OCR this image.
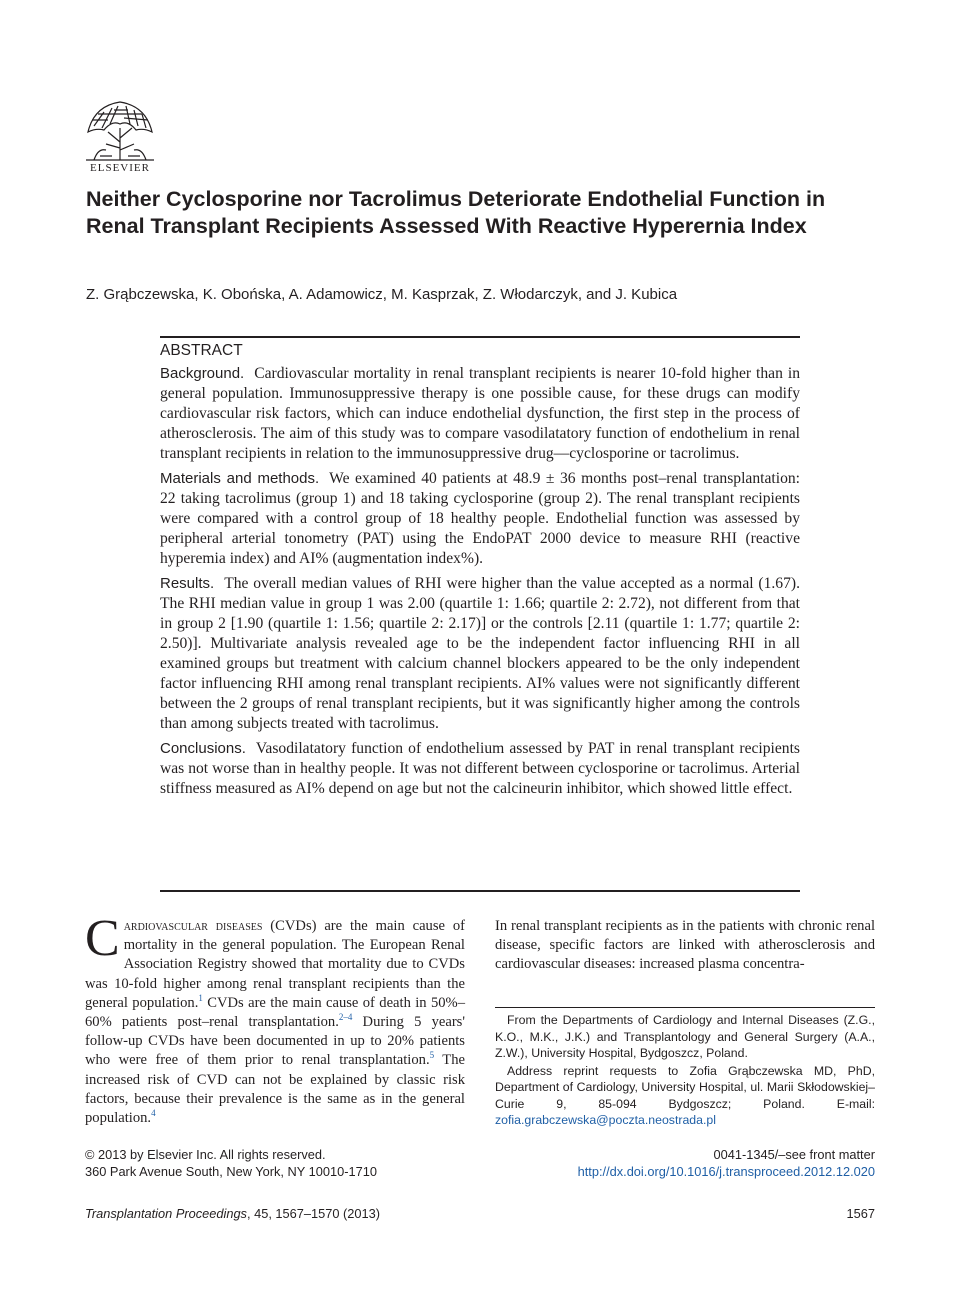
ELSEVIER
Neither Cyclosporine nor Tacrolimus Deteriorate Endothelial Function in Renal Transplant Recipients Assessed With Reactive Hyperernia Index
Z. Grąbczewska, K. Obońska, A. Adamowicz, M. Kasprzak, Z. Włodarczyk, and J. Kubica
ABSTRACT

Background. Cardiovascular mortality in renal transplant recipients is nearer 10-fold higher than in general population. Immunosuppressive therapy is one possible cause, for these drugs can modify cardiovascular risk factors, which can induce endothelial dysfunction, the first step in the process of atherosclerosis. The aim of this study was to compare vasodilatatory function of endothelium in renal transplant recipients in relation to the immunosuppressive drug—cyclosporine or tacrolimus.

Materials and methods. We examined 40 patients at 48.9 ± 36 months post–renal transplantation: 22 taking tacrolimus (group 1) and 18 taking cyclosporine (group 2). The renal transplant recipients were compared with a control group of 18 healthy people. Endothelial function was assessed by peripheral arterial tonometry (PAT) using the EndoPAT 2000 device to measure RHI (reactive hyperemia index) and AI% (augmentation index%).

Results. The overall median values of RHI were higher than the value accepted as a normal (1.67). The RHI median value in group 1 was 2.00 (quartile 1: 1.66; quartile 2: 2.72), not different from that in group 2 [1.90 (quartile 1: 1.56; quartile 2: 2.17)] or the controls [2.11 (quartile 1: 1.77; quartile 2: 2.50)]. Multivariate analysis revealed age to be the independent factor influencing RHI in all examined groups but treatment with calcium channel blockers appeared to be the only independent factor influencing RHI among renal transplant recipients. AI% values were not significantly different between the 2 groups of renal transplant recipients, but it was significantly higher among the controls than among subjects treated with tacrolimus.

Conclusions. Vasodilatatory function of endothelium assessed by PAT in renal transplant recipients was not worse than in healthy people. It was not different between cyclosporine or tacrolimus. Arterial stiffness measured as AI% depend on age but not the calcineurin inhibitor, which showed little effect.

Cardiovascular diseases (CVDs) are the main cause of mortality in the general population. The European Renal Association Registry showed that mortality due to CVDs was 10-fold higher among renal transplant recipients than the general population.$^1$ CVDs are the main cause of death in 50%–60% patients post–renal transplantation.$^{2-4}$ During 5 years' follow-up CVDs have been documented in up to 20% patients who were free of them prior to renal transplantation.$^5$ The increased risk of CVD can not be explained by classic risk factors, because their prevalence is the same as in the general population.$^4$
In renal transplant recipients as in the patients with chronic renal disease, specific factors are linked with atherosclerosis and cardiovascular diseases: increased plasma concentra-

From the Departments of Cardiology and Internal Diseases (Z.G., K.O., M.K., J.K.) and Transplantology and General Surgery (A.A., Z.W.), University Hospital, Bydgoszcz, Poland.

Address reprint requests to Zofia Grąbczewska MD, PhD, Department of Cardiology, University Hospital, ul. Marii Skłodowskiej–Curie 9, 85-094 Bydgoszcz; Poland. E-mail: zofia.grabczewska@poczta.neostrada.pl

© 2013 by Elsevier Inc. All rights reserved.
360 Park Avenue South, New York, NY 10010-1710
0041-1345/–see front matter
http://dx.doi.org/10.1016/j.transproceed.2012.12.020
Transplantation Proceedings, 45, 1567–1570 (2013)	1567
